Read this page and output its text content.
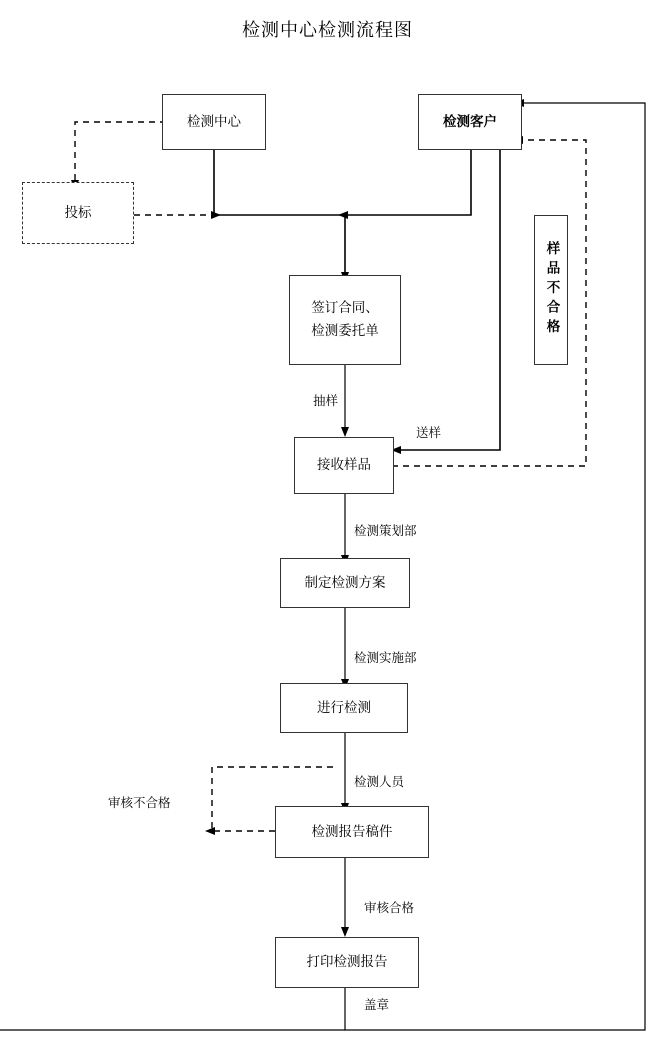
检测中心检测流程图
检测中心	检测客户
投标
签订合同、
检测委托单
接收样品
制定检测方案
进行检测
检测报告稿件
打印检测报告
样品不合格
抽样
送样
检测策划部
检测实施部
检测人员
审核不合格
审核合格
盖章
